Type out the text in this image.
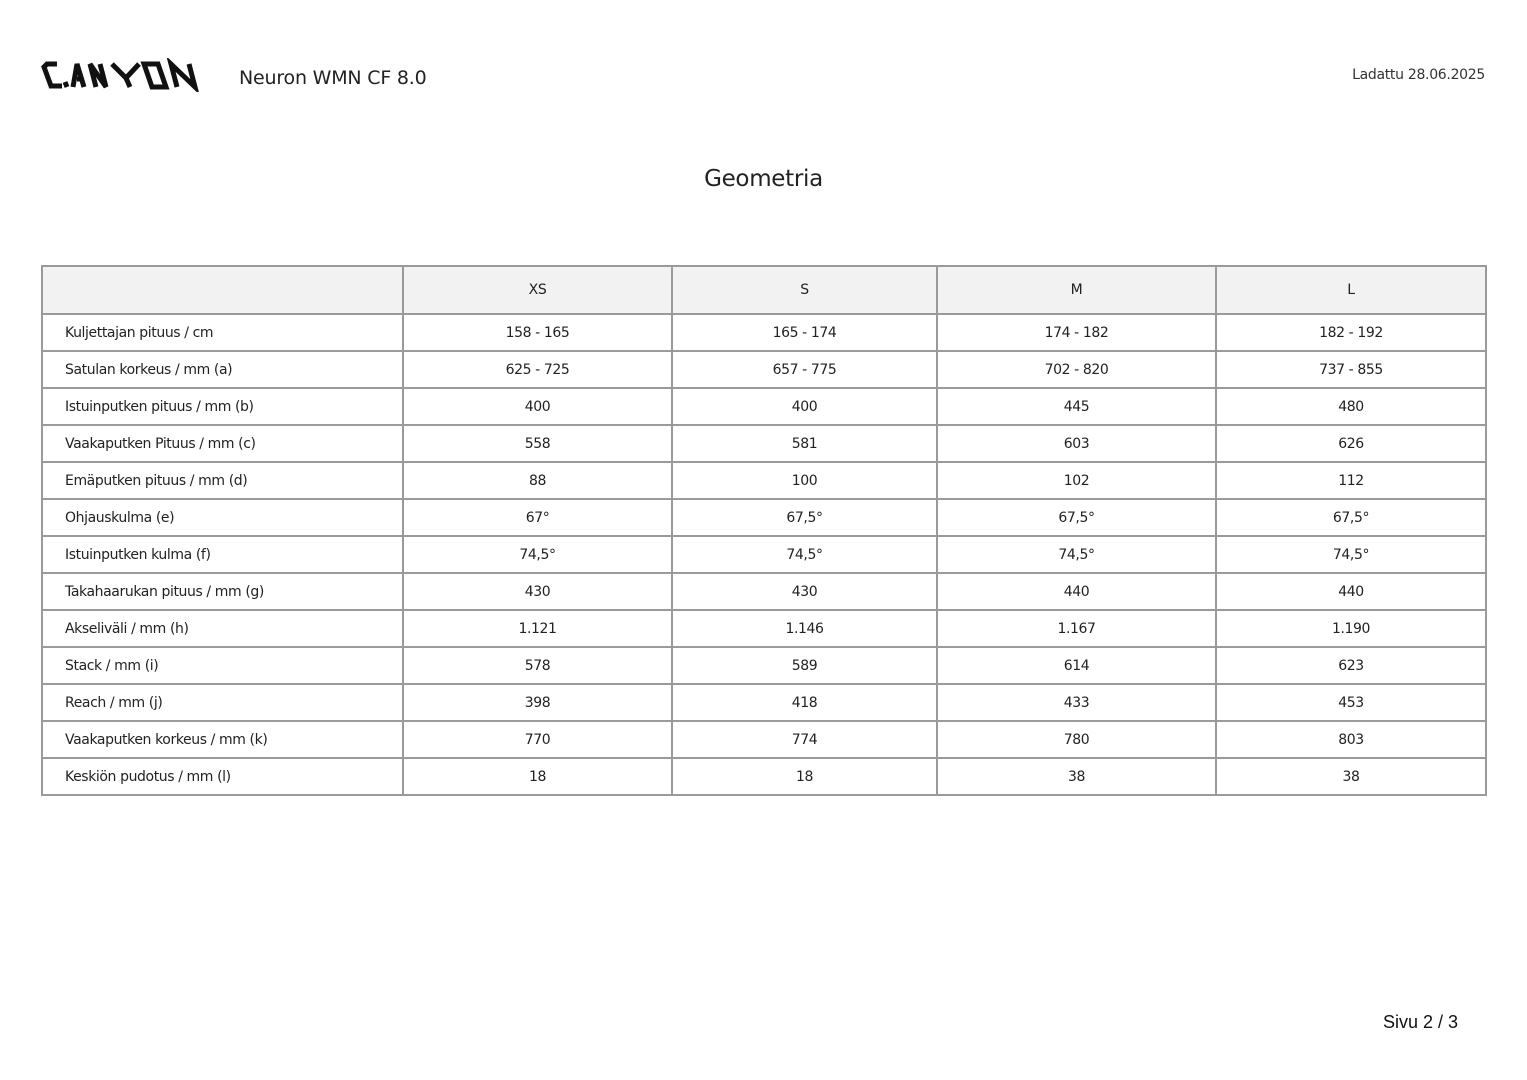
Neuron WMN CF 8.0	Ladattu 28.06.2025
Geometria
	XS	S	M	L
Kuljettajan pituus / cm	158 - 165	165 - 174	174 - 182	182 - 192
Satulan korkeus / mm (a)	625 - 725	657 - 775	702 - 820	737 - 855
Istuinputken pituus / mm (b)	400	400	445	480
Vaakaputken Pituus / mm (c)	558	581	603	626
Emäputken pituus / mm (d)	88	100	102	112
Ohjauskulma (e)	67°	67,5°	67,5°	67,5°
Istuinputken kulma (f)	74,5°	74,5°	74,5°	74,5°
Takahaarukan pituus / mm (g)	430	430	440	440
Akseliväli / mm (h)	1.121	1.146	1.167	1.190
Stack / mm (i)	578	589	614	623
Reach / mm (j)	398	418	433	453
Vaakaputken korkeus / mm (k)	770	774	780	803
Keskiön pudotus / mm (l)	18	18	38	38
Sivu 2 / 3
